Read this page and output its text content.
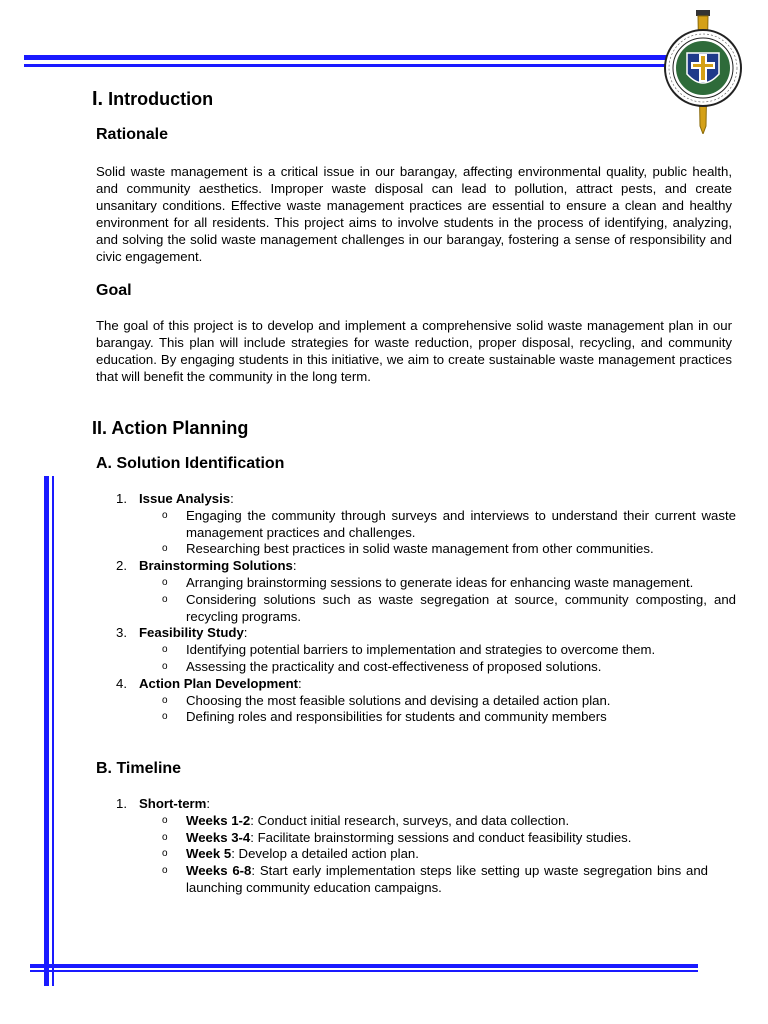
I. Introduction
Rationale

Solid waste management is a critical issue in our barangay, affecting environmental quality, public health, and community aesthetics. Improper waste disposal can lead to pollution, attract pests, and create unsanitary conditions. Effective waste management practices are essential to ensure a clean and healthy environment for all residents. This project aims to involve students in the process of identifying, analyzing, and solving the solid waste management challenges in our barangay, fostering a sense of responsibility and civic engagement.

Goal

The goal of this project is to develop and implement a comprehensive solid waste management plan in our barangay. This plan will include strategies for waste reduction, proper disposal, recycling, and community education. By engaging students in this initiative, we aim to create sustainable waste management practices that will benefit the community in the long term.

II. Action Planning
A. Solution Identification
1. Issue Analysis:
o Engaging the community through surveys and interviews to understand their current waste management practices and challenges.
o Researching best practices in solid waste management from other communities.
2. Brainstorming Solutions:
o Arranging brainstorming sessions to generate ideas for enhancing waste management.
o Considering solutions such as waste segregation at source, community composting, and recycling programs.
3. Feasibility Study:
o Identifying potential barriers to implementation and strategies to overcome them.
o Assessing the practicality and cost-effectiveness of proposed solutions.
4. Action Plan Development:
o Choosing the most feasible solutions and devising a detailed action plan.
o Defining roles and responsibilities for students and community members
B. Timeline
1. Short-term:
o Weeks 1-2: Conduct initial research, surveys, and data collection.
o Weeks 3-4: Facilitate brainstorming sessions and conduct feasibility studies.
o Week 5: Develop a detailed action plan.
o Weeks 6-8: Start early implementation steps like setting up waste segregation bins and launching community education campaigns.
